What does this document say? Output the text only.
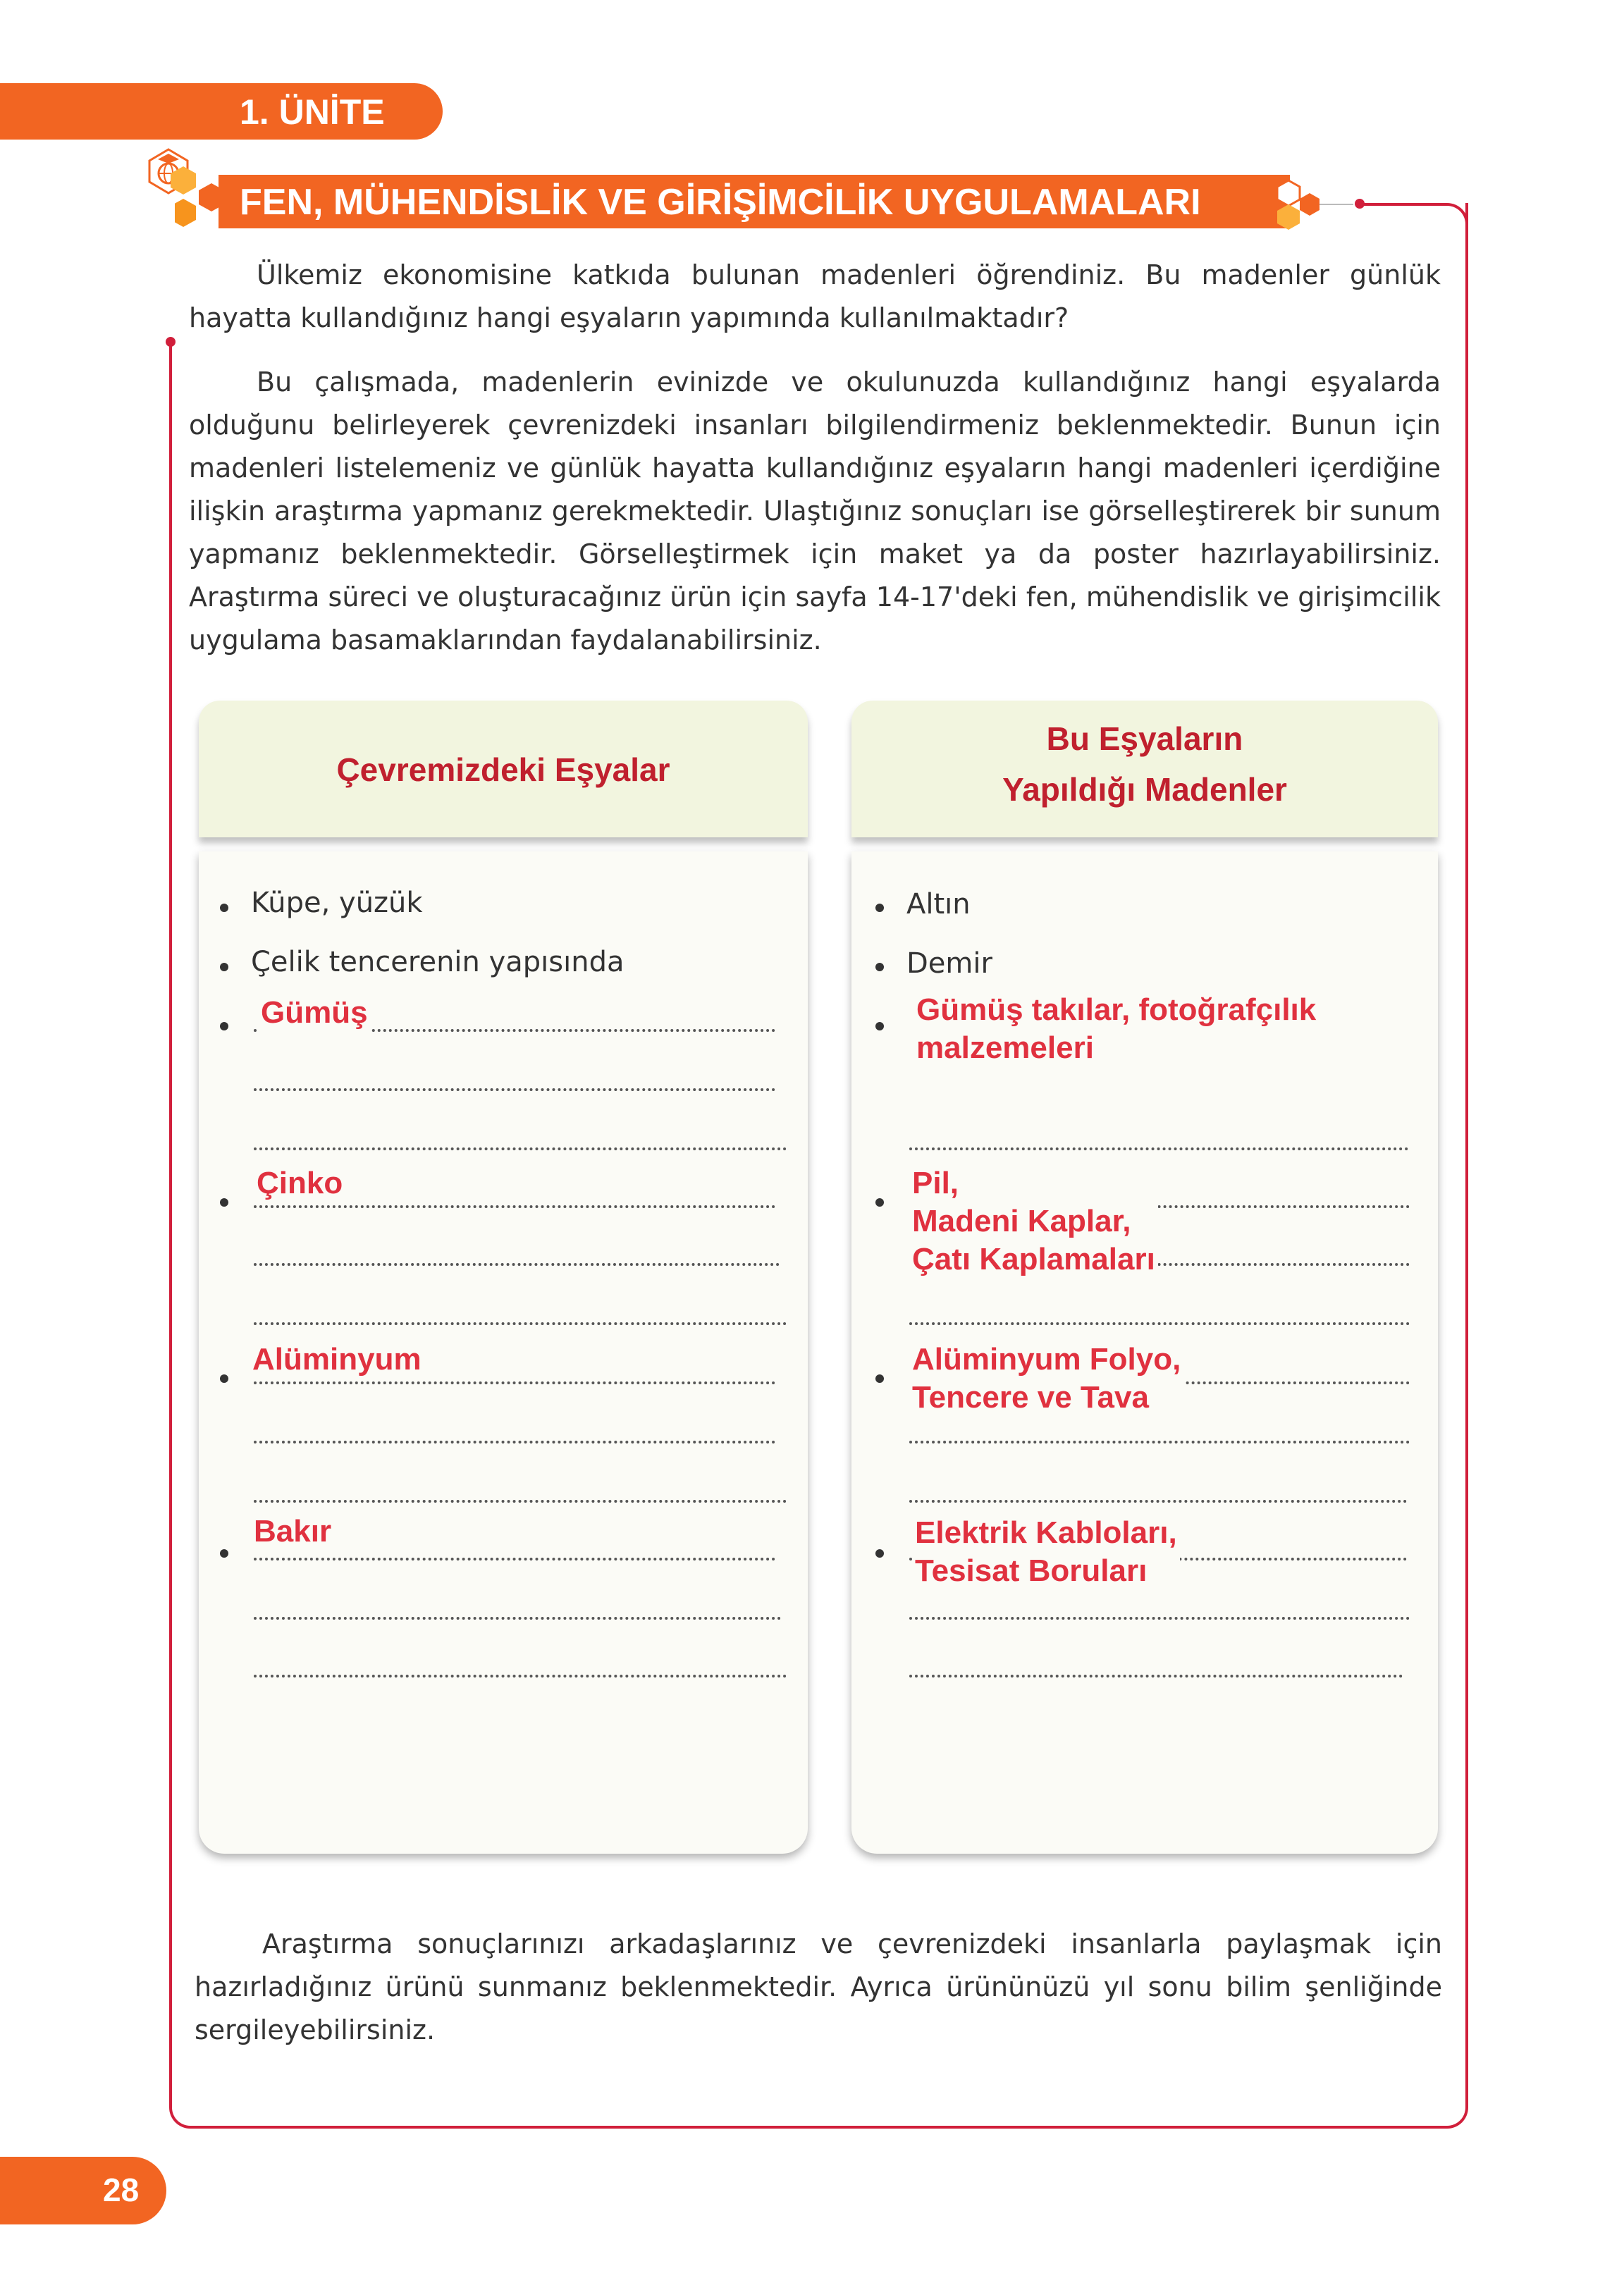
1. ÜNİTE
FEN, MÜHENDİSLİK VE GİRİŞİMCİLİK UYGULAMALARI
Ülkemiz ekonomisine katkıda bulunan madenleri öğrendiniz. Bu madenler günlük hayatta kullandığınız hangi eşyaların yapımında kullanılmaktadır?
Bu çalışmada, madenlerin evinizde ve okulunuzda kullandığınız hangi eşyalarda olduğunu belirleyerek çevrenizdeki insanları bilgilendirmeniz beklenmektedir. Bunun için madenleri listelemeniz ve günlük hayatta kullandığınız eşyaların hangi madenleri içerdiğine ilişkin araştırma yapmanız gerekmektedir. Ulaştığınız sonuçları ise görselleştirerek bir sunum yapmanız beklenmektedir. Görselleştirmek için maket ya da poster hazırlayabilirsiniz. Araştırma süreci ve oluşturacağınız ürün için sayfa 14-17'deki fen, mühendislik ve girişimcilik uygulama basamaklarından faydalanabilirsiniz.
Çevremizdeki Eşyalar
Bu Eşyaların
Yapıldığı Madenler
Küpe, yüzük
Çelik tencerenin yapısında
Gümüş
Çinko
Alüminyum
Bakır
Altın
Demir
Gümüş takılar, fotoğrafçılık
malzemeleri
Pil,
Madeni Kaplar,
Çatı Kaplamaları
Alüminyum Folyo,
Tencere ve Tava
Elektrik Kabloları,
Tesisat Boruları
Araştırma sonuçlarınızı arkadaşlarınız ve çevrenizdeki insanlarla paylaşmak için hazırladığınız ürünü sunmanız beklenmektedir. Ayrıca ürününüzü yıl sonu bilim şenliğinde sergileyebilirsiniz.
28
